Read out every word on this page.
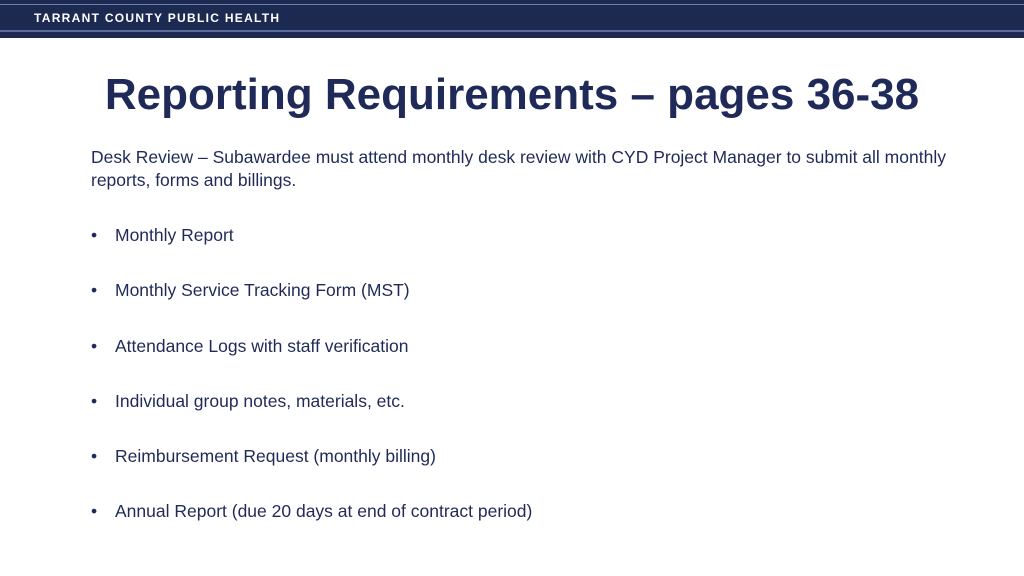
TARRANT COUNTY PUBLIC HEALTH
Reporting Requirements – pages 36-38
Desk Review – Subawardee must attend monthly desk review with CYD Project Manager to submit all monthly reports, forms and billings.
•	Monthly Report
•	Monthly Service Tracking Form (MST)
•	Attendance Logs with staff verification
•	Individual group notes, materials, etc.
•	Reimbursement Request (monthly billing)
•	Annual Report (due 20 days at end of contract period)
